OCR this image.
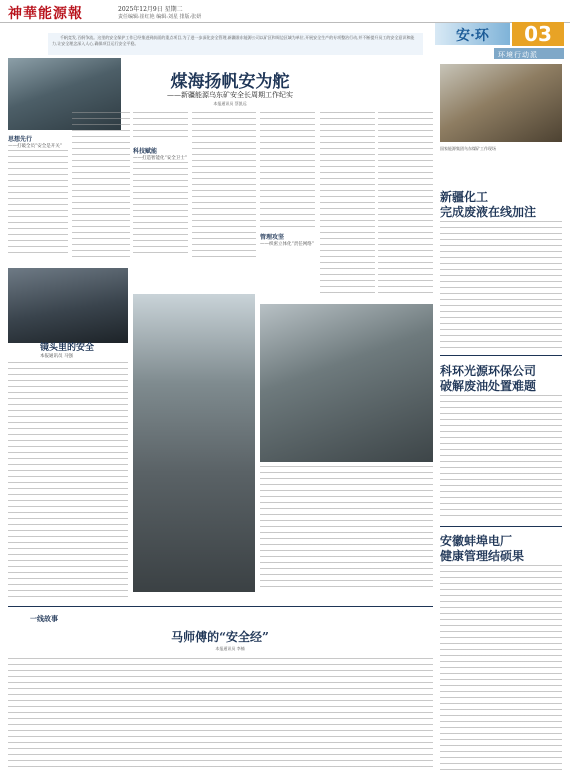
神華能源報	2025年12月9日 星期二
责任编辑:崔红艳 编辑:刘星 排版:张妍
安·环	03
环境行动派
　　千帆竞发,百舸争流。这里的安全保护工作已经推进到前面的重点项目,为了进一步深化安全管理,新疆准东能源公司以矿区和周边区域为单位,开展安全生产的专项整治行动,并不断提升员工的安全意识和能力,让安全理念深入人心,确保项目运行安全平稳。
煤海扬帆安为舵
——新疆能源乌东矿安全长周期工作纪实
本报通讯员 蔡凯远
思想先行
——打破全员“安全是开关”
科技赋能
——打造智能化“安全卫士”
管理攻坚
——织密立体化“责任网络”
国家能源集团乌东煤矿工作现场
新疆化工
完成废液在线加注
科环光源环保公司
破解废油处置难题
安徽蚌埠电厂
健康管理结硕果
镜头里的安全
本报通讯员 马强
一线故事
马师傅的“安全经”
本报通讯员 李楠
